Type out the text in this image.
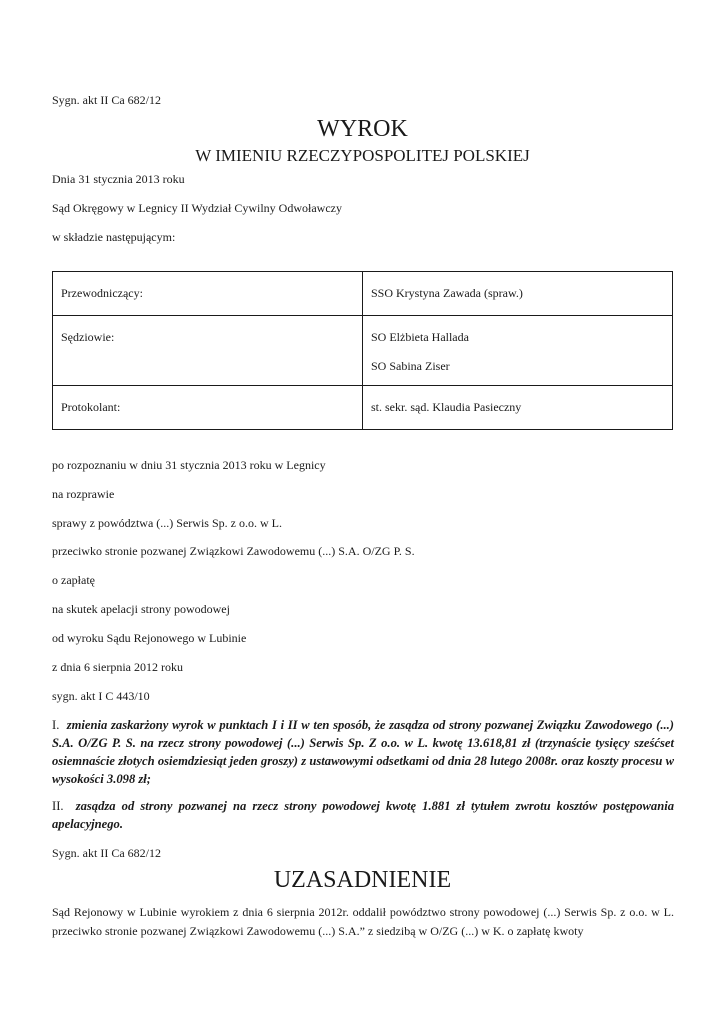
Sygn. akt II Ca 682/12
WYROK
W IMIENIU RZECZYPOSPOLITEJ POLSKIEJ
Dnia 31 stycznia 2013 roku
Sąd Okręgowy w Legnicy II Wydział Cywilny Odwoławczy
w składzie następującym:
Przewodniczący:	SSO Krystyna Zawada (spraw.)
Sędziowie:	SO Elżbieta Hallada
SO Sabina Ziser

Protokolant:	st. sekr. sąd. Klaudia Pasieczny
po rozpoznaniu w dniu 31 stycznia 2013 roku w Legnicy
na rozprawie
sprawy z powództwa (...) Serwis Sp. z o.o. w L.
przeciwko stronie pozwanej Związkowi Zawodowemu (...) S.A. O/ZG P. S.
o zapłatę
na skutek apelacji strony powodowej
od wyroku Sądu Rejonowego w Lubinie
z dnia 6 sierpnia 2012 roku
sygn. akt I C 443/10
I. zmienia zaskarżony wyrok w punktach I i II w ten sposób, że zasądza od strony pozwanej Związku Zawodowego (...) S.A. O/ZG P. S. na rzecz strony powodowej (...) Serwis Sp. Z o.o. w L. kwotę 13.618,81 zł (trzynaście tysięcy sześćset osiemnaście złotych osiemdziesiąt jeden groszy) z ustawowymi odsetkami od dnia 28 lutego 2008r. oraz koszty procesu w wysokości 3.098 zł;
II. zasądza od strony pozwanej na rzecz strony powodowej kwotę 1.881 zł tytułem zwrotu kosztów postępowania apelacyjnego.
Sygn. akt II Ca 682/12
UZASADNIENIE
Sąd Rejonowy w Lubinie wyrokiem z dnia 6 sierpnia 2012r. oddalił powództwo strony powodowej (...) Serwis Sp. z o.o. w L. przeciwko stronie pozwanej Związkowi Zawodowemu (...) S.A.” z siedzibą w O/ZG (...) w K. o zapłatę kwoty
